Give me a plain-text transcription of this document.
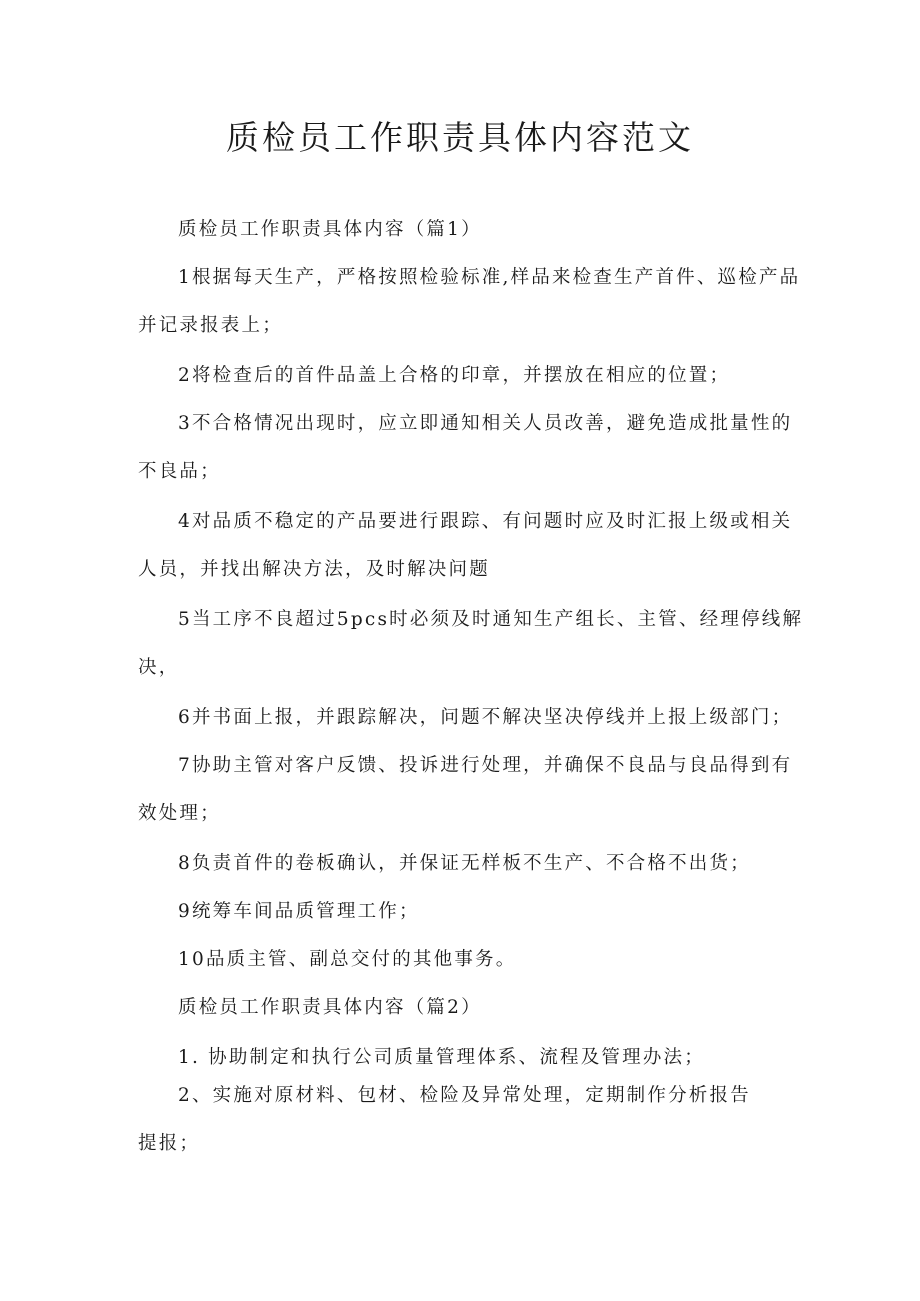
质检员工作职责具体内容范文

质检员工作职责具体内容（篇1）

1根据每天生产，严格按照检验标准,样品来检查生产首件、巡检产品
并记录报表上；

2将检查后的首件品盖上合格的印章，并摆放在相应的位置；

3不合格情况出现时，应立即通知相关人员改善，避免造成批量性的
不良品；

4对品质不稳定的产品要进行跟踪、有问题时应及时汇报上级或相关
人员，并找出解决方法，及时解决问题

5当工序不良超过5pcs时必须及时通知生产组长、主管、经理停线解
决，

6并书面上报，并跟踪解决，问题不解决坚决停线并上报上级部门；

7协助主管对客户反馈、投诉进行处理，并确保不良品与良品得到有
效处理；

8负责首件的卷板确认，并保证无样板不生产、不合格不出货；

9统筹车间品质管理工作；

10品质主管、副总交付的其他事务。

质检员工作职责具体内容（篇2）

1. 协助制定和执行公司质量管理体系、流程及管理办法；

2、实施对原材料、包材、检险及异常处理，定期制作分析报告
提报；
